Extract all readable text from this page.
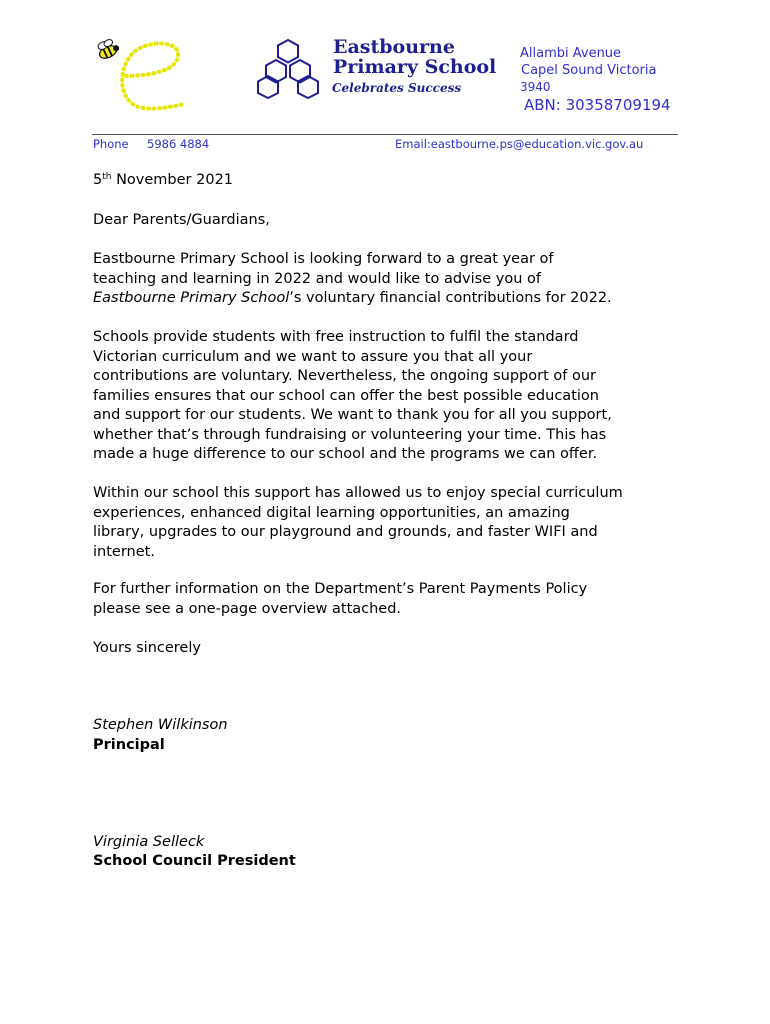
Eastbourne
Primary School
Celebrates Success
Allambi Avenue
Capel Sound Victoria
3940
ABN: 30358709194
Phone 5986 4884	Email:eastbourne.ps@education.vic.gov.au
5th November 2021
Dear Parents/Guardians,
Eastbourne Primary School is looking forward to a great year of
teaching and learning in 2022 and would like to advise you of
Eastbourne Primary School’s voluntary financial contributions for 2022.
Schools provide students with free instruction to fulfil the standard
Victorian curriculum and we want to assure you that all your
contributions are voluntary. Nevertheless, the ongoing support of our
families ensures that our school can offer the best possible education
and support for our students. We want to thank you for all you support,
whether that’s through fundraising or volunteering your time. This has
made a huge difference to our school and the programs we can offer.
Within our school this support has allowed us to enjoy special curriculum
experiences, enhanced digital learning opportunities, an amazing
library, upgrades to our playground and grounds, and faster WIFI and
internet.
For further information on the Department’s Parent Payments Policy
please see a one-page overview attached.
Yours sincerely
Stephen Wilkinson
Principal
Virginia Selleck
School Council President
